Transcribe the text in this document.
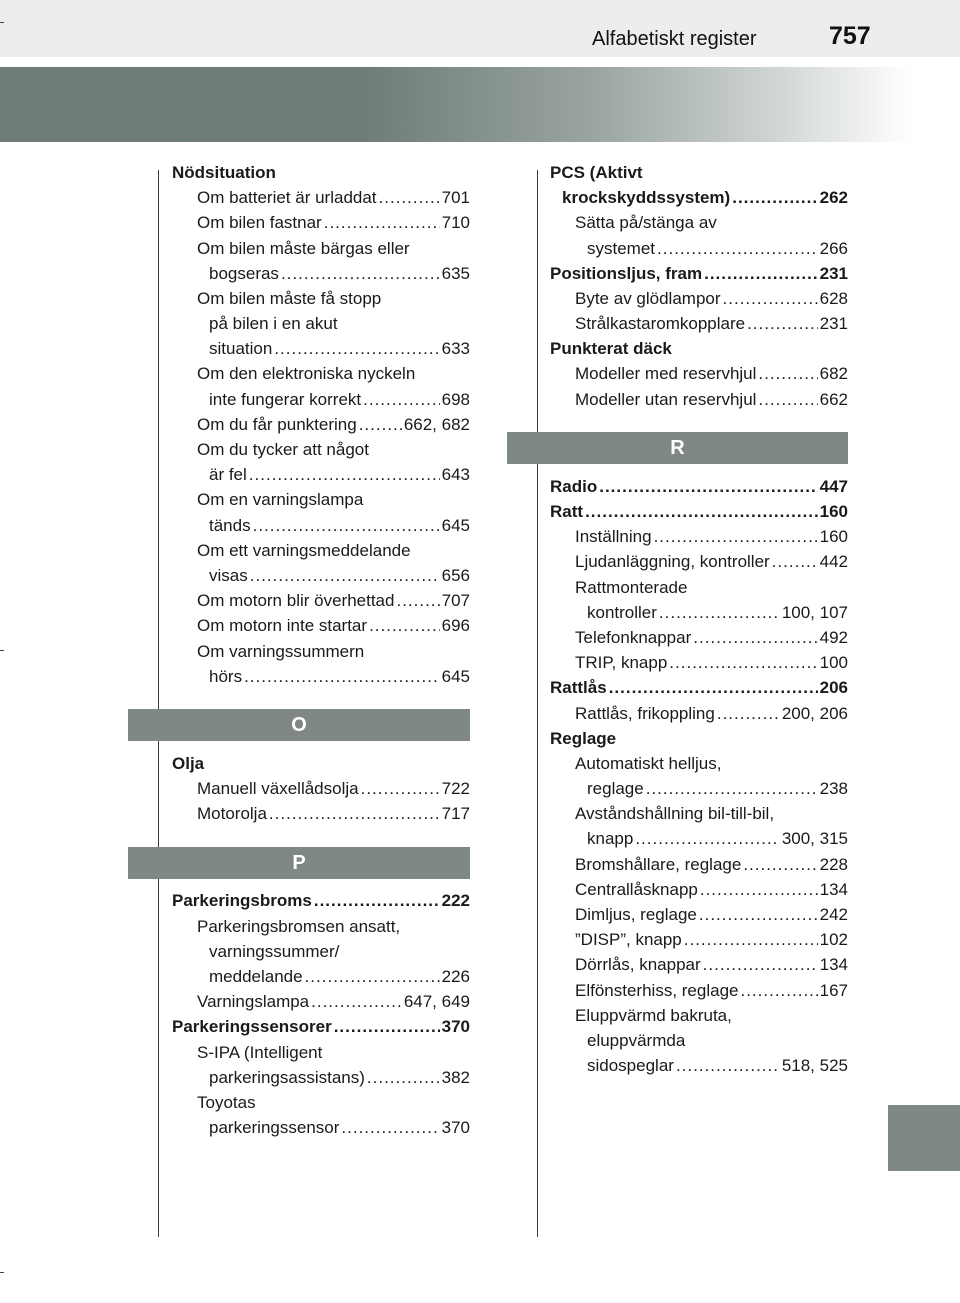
Alfabetiskt register	757
Nödsituation
Om batteriet är urladdat .....	701
Om bilen fastnar .....	710
Om bilen måste bärgas eller
bogseras .....	635
Om bilen måste få stopp
på bilen i en akut
situation .....	633
Om den elektroniska nyckeln
inte fungerar korrekt .....	698
Om du får punktering .....	662, 682
Om du tycker att något
är fel .....	643
Om en varningslampa
tänds .....	645
Om ett varningsmeddelande
visas .....	656
Om motorn blir överhettad .....	707
Om motorn inte startar .....	696
Om varningssummern
hörs .....	645
O
Olja
Manuell växellådsolja .....	722
Motorolja .....	717
P
Parkeringsbroms .....	222
Parkeringsbromsen ansatt,
varningssummer/
meddelande .....	226
Varningslampa .....	647, 649
Parkeringssensorer .....	370
S-IPA (Intelligent
parkeringsassistans) .....	382
Toyotas
parkeringssensor .....	370
PCS (Aktivt
krockskyddssystem) .....	262
Sätta på/stänga av
systemet .....	266
Positionsljus, fram .....	231
Byte av glödlampor .....	628
Strålkastaromkopplare .....	231
Punkterat däck
Modeller med reservhjul .....	682
Modeller utan reservhjul .....	662
R
Radio .....	447
Ratt .....	160
Inställning .....	160
Ljudanläggning, kontroller .....	442
Rattmonterade
kontroller .....	100, 107
Telefonknappar .....	492
TRIP, knapp .....	100
Rattlås .....	206
Rattlås, frikoppling .....	200, 206
Reglage
Automatiskt helljus,
reglage .....	238
Avståndshållning bil-till-bil,
knapp .....	300, 315
Bromshållare, reglage .....	228
Centrallåsknapp .....	134
Dimljus, reglage .....	242
”DISP”, knapp .....	102
Dörrlås, knappar .....	134
Elfönsterhiss, reglage .....	167
Eluppvärmd bakruta,
eluppvärmda
sidospeglar .....	518, 525
